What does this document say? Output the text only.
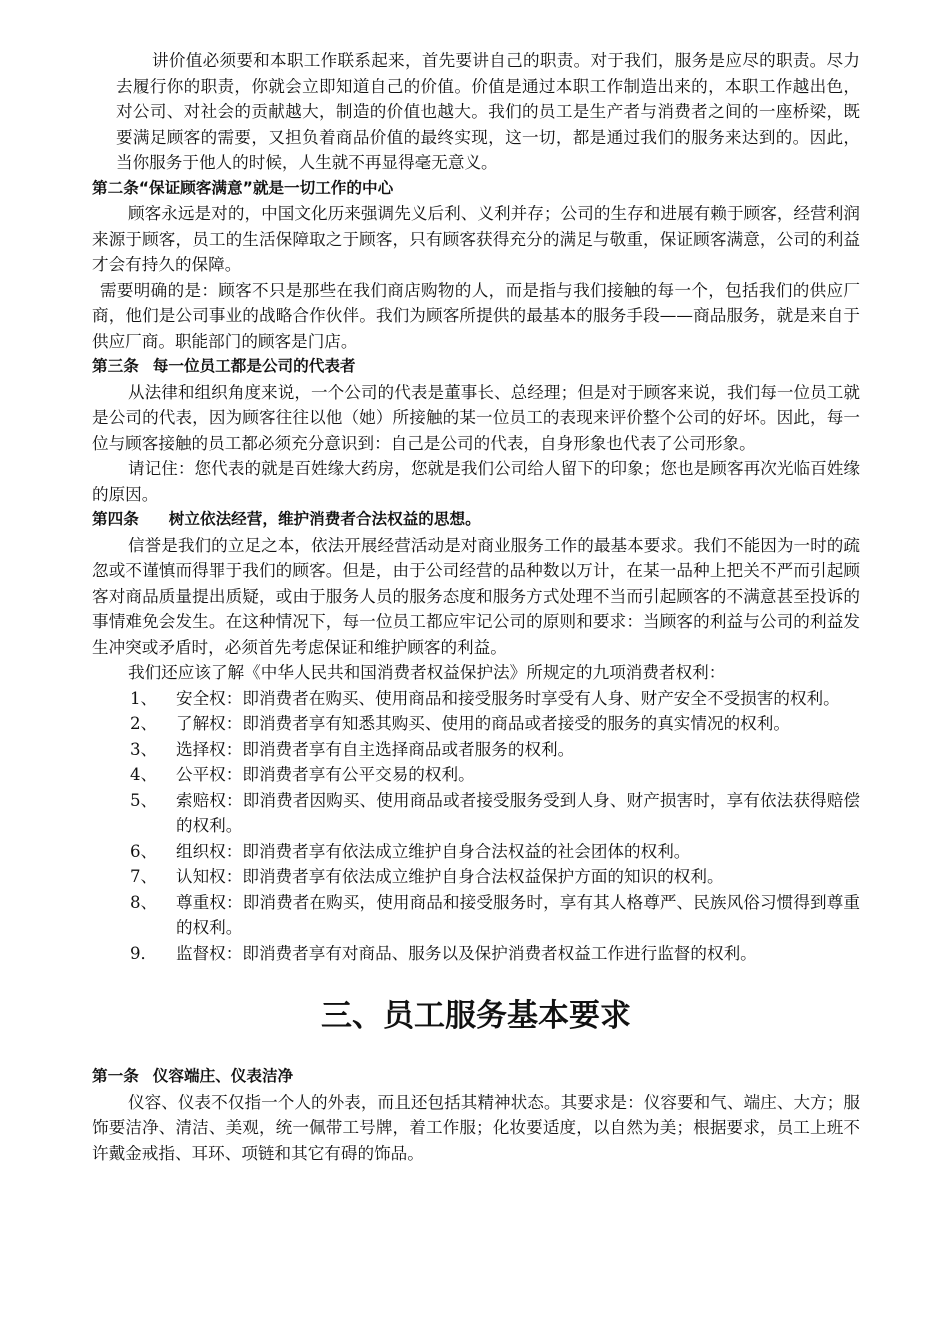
讲价值必须要和本职工作联系起来，首先要讲自己的职责。对于我们，服务是应尽的职责。尽力去履行你的职责，你就会立即知道自己的价值。价值是通过本职工作制造出来的，本职工作越出色，对公司、对社会的贡献越大，制造的价值也越大。我们的员工是生产者与消费者之间的一座桥梁，既要满足顾客的需要，又担负着商品价值的最终实现，这一切，都是通过我们的服务来达到的。因此，当你服务于他人的时候，人生就不再显得毫无意义。

第二条“保证顾客满意”就是一切工作的中心

顾客永远是对的，中国文化历来强调先义后利、义利并存；公司的生存和进展有赖于顾客，经营利润来源于顾客，员工的生活保障取之于顾客，只有顾客获得充分的满足与敬重，保证顾客满意，公司的利益才会有持久的保障。

需要明确的是：顾客不只是那些在我们商店购物的人，而是指与我们接触的每一个，包括我们的供应厂商，他们是公司事业的战略合作伙伴。我们为顾客所提供的最基本的服务手段——商品服务，就是来自于供应厂商。职能部门的顾客是门店。

第三条 每一位员工都是公司的代表者

从法律和组织角度来说，一个公司的代表是董事长、总经理；但是对于顾客来说，我们每一位员工就是公司的代表，因为顾客往往以他（她）所接触的某一位员工的表现来评价整个公司的好坏。因此，每一位与顾客接触的员工都必须充分意识到：自己是公司的代表，自身形象也代表了公司形象。

请记住：您代表的就是百姓缘大药房，您就是我们公司给人留下的印象；您也是顾客再次光临百姓缘的原因。

第四条 树立依法经营，维护消费者合法权益的思想。

信誉是我们的立足之本，依法开展经营活动是对商业服务工作的最基本要求。我们不能因为一时的疏忽或不谨慎而得罪于我们的顾客。但是，由于公司经营的品种数以万计，在某一品种上把关不严而引起顾客对商品质量提出质疑，或由于服务人员的服务态度和服务方式处理不当而引起顾客的不满意甚至投诉的事情难免会发生。在这种情况下，每一位员工都应牢记公司的原则和要求：当顾客的利益与公司的利益发生冲突或矛盾时，必须首先考虑保证和维护顾客的利益。

我们还应该了解《中华人民共和国消费者权益保护法》所规定的九项消费者权利：

1、 安全权：即消费者在购买、使用商品和接受服务时享受有人身、财产安全不受损害的权利。
2、 了解权：即消费者享有知悉其购买、使用的商品或者接受的服务的真实情况的权利。
3、 选择权：即消费者享有自主选择商品或者服务的权利。
4、 公平权：即消费者享有公平交易的权利。
5、 索赔权：即消费者因购买、使用商品或者接受服务受到人身、财产损害时，享有依法获得赔偿的权利。
6、 组织权：即消费者享有依法成立维护自身合法权益的社会团体的权利。
7、 认知权：即消费者享有依法成立维护自身合法权益保护方面的知识的权利。
8、 尊重权：即消费者在购买，使用商品和接受服务时，享有其人格尊严、民族风俗习惯得到尊重的权利。
9． 监督权：即消费者享有对商品、服务以及保护消费者权益工作进行监督的权利。
三、员工服务基本要求
第一条 仪容端庄、仪表洁净

仪容、仪表不仅指一个人的外表，而且还包括其精神状态。其要求是：仪容要和气、端庄、大方；服饰要洁净、清洁、美观，统一佩带工号牌，着工作服；化妆要适度，以自然为美；根据要求，员工上班不许戴金戒指、耳环、项链和其它有碍的饰品。
